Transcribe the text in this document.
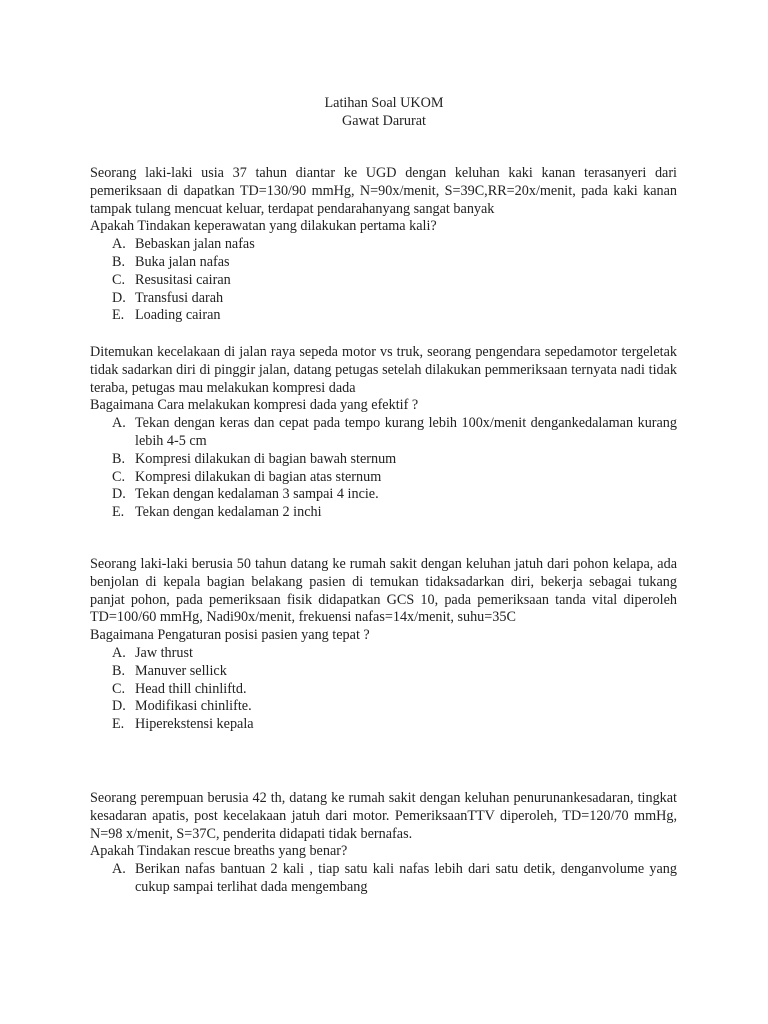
Latihan Soal UKOM
Gawat Darurat
Seorang laki-laki usia 37 tahun diantar ke UGD dengan keluhan kaki kanan terasanyeri dari pemeriksaan di dapatkan TD=130/90 mmHg, N=90x/menit, S=39C,RR=20x/menit, pada kaki kanan tampak tulang mencuat keluar, terdapat pendarahanyang sangat banyak
Apakah Tindakan keperawatan yang dilakukan pertama kali?
A. Bebaskan jalan nafas
B. Buka jalan nafas
C. Resusitasi cairan
D. Transfusi darah
E. Loading cairan
Ditemukan kecelakaan di jalan raya sepeda motor vs truk, seorang pengendara sepedamotor tergeletak tidak sadarkan diri di pinggir jalan, datang petugas setelah dilakukan pemmeriksaan ternyata nadi tidak teraba, petugas mau melakukan kompresi dada
Bagaimana Cara melakukan kompresi dada yang efektif ?
A. Tekan dengan keras dan cepat pada tempo kurang lebih 100x/menit dengankedalaman kurang lebih 4-5 cm
B. Kompresi dilakukan di bagian bawah sternum
C. Kompresi dilakukan di bagian atas sternum
D. Tekan dengan kedalaman 3 sampai 4 incie.
E. Tekan dengan kedalaman 2 inchi
Seorang laki-laki berusia 50 tahun datang ke rumah sakit dengan keluhan jatuh dari pohon kelapa, ada benjolan di kepala bagian belakang pasien di temukan tidaksadarkan diri, bekerja sebagai tukang panjat pohon, pada pemeriksaan fisik didapatkan GCS 10, pada pemeriksaan tanda vital diperoleh TD=100/60 mmHg, Nadi90x/menit, frekuensi nafas=14x/menit, suhu=35C
Bagaimana Pengaturan posisi pasien yang tepat ?
A. Jaw thrust
B. Manuver sellick
C. Head thill chinliftd.
D. Modifikasi chinlifte.
E. Hiperekstensi kepala
Seorang perempuan berusia 42 th, datang ke rumah sakit dengan keluhan penurunankesadaran, tingkat kesadaran apatis, post kecelakaan jatuh dari motor. PemeriksaanTTV diperoleh, TD=120/70 mmHg, N=98 x/menit, S=37C, penderita didapati tidak bernafas.
Apakah Tindakan rescue breaths yang benar?
A. Berikan nafas bantuan 2 kali , tiap satu kali nafas lebih dari satu detik, denganvolume yang cukup sampai terlihat dada mengembang
